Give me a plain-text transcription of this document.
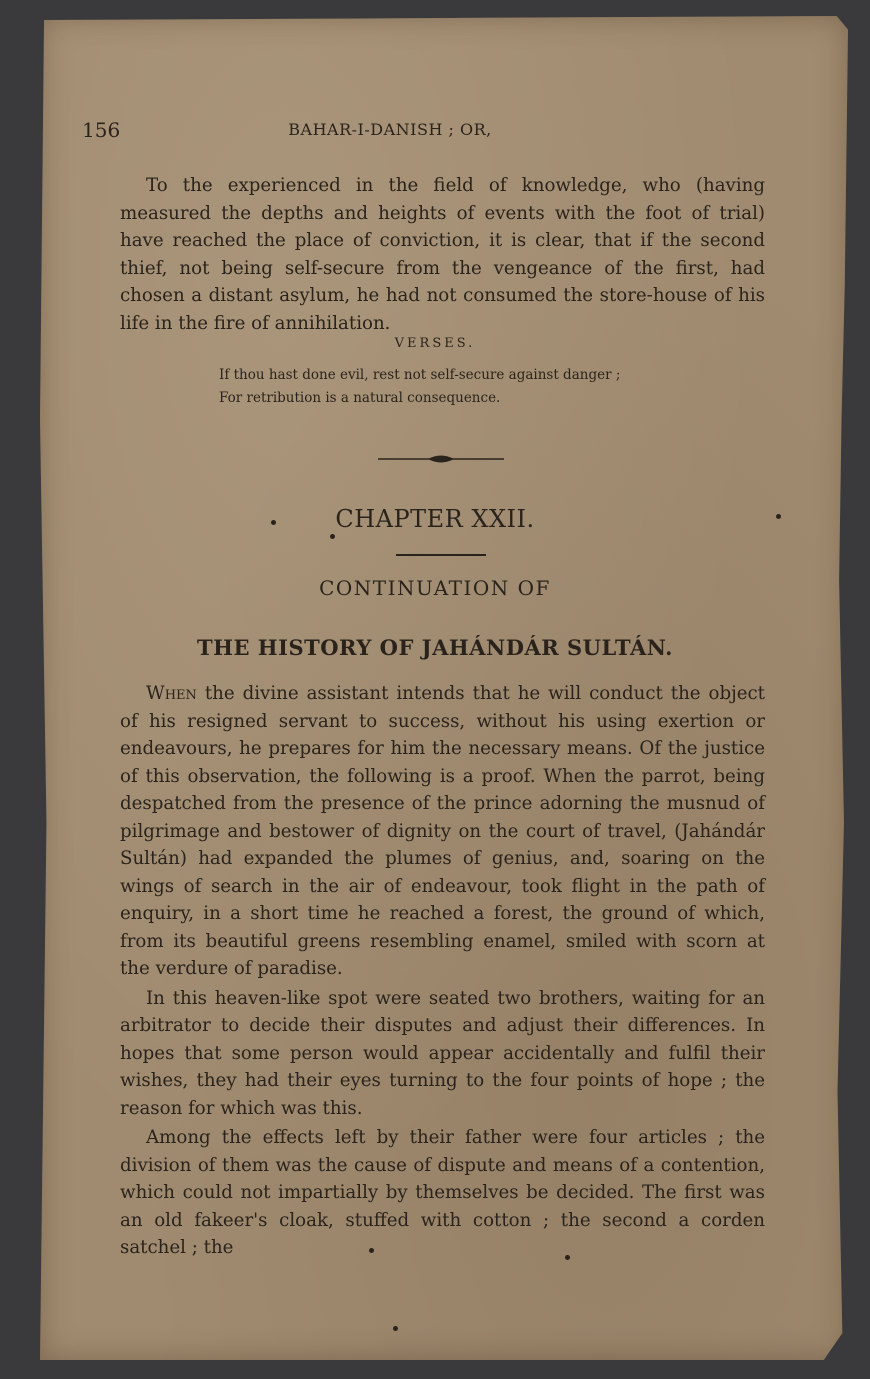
156	BAHAR-I-DANISH ; OR,

To the experienced in the field of knowledge, who (having measured the depths and heights of events with the foot of trial) have reached the place of conviction, it is clear, that if the second thief, not being self-secure from the vengeance of the first, had chosen a distant asylum, he had not consumed the store-house of his life in the fire of annihilation.

VERSES.
If thou hast done evil, rest not self-secure against danger ;
For retribution is a natural consequence.
CHAPTER XXII.
CONTINUATION OF
THE HISTORY OF JAHÁNDÁR SULTÁN.

When the divine assistant intends that he will conduct the object of his resigned servant to success, without his using exertion or endeavours, he prepares for him the necessary means. Of the justice of this observation, the following is a proof. When the parrot, being despatched from the presence of the prince adorning the musnud of pilgrimage and bestower of dignity on the court of travel, (Jahándár Sultán) had expanded the plumes of genius, and, soaring on the wings of search in the air of endeavour, took flight in the path of enquiry, in a short time he reached a forest, the ground of which, from its beautiful greens resembling enamel, smiled with scorn at the verdure of paradise.

In this heaven-like spot were seated two brothers, waiting for an arbitrator to decide their disputes and adjust their differences. In hopes that some person would appear accidentally and fulfil their wishes, they had their eyes turning to the four points of hope ; the reason for which was this.

Among the effects left by their father were four articles ; the division of them was the cause of dispute and means of a contention, which could not impartially by themselves be decided. The first was an old fakeer's cloak, stuffed with cotton ; the second a corden satchel ; the
